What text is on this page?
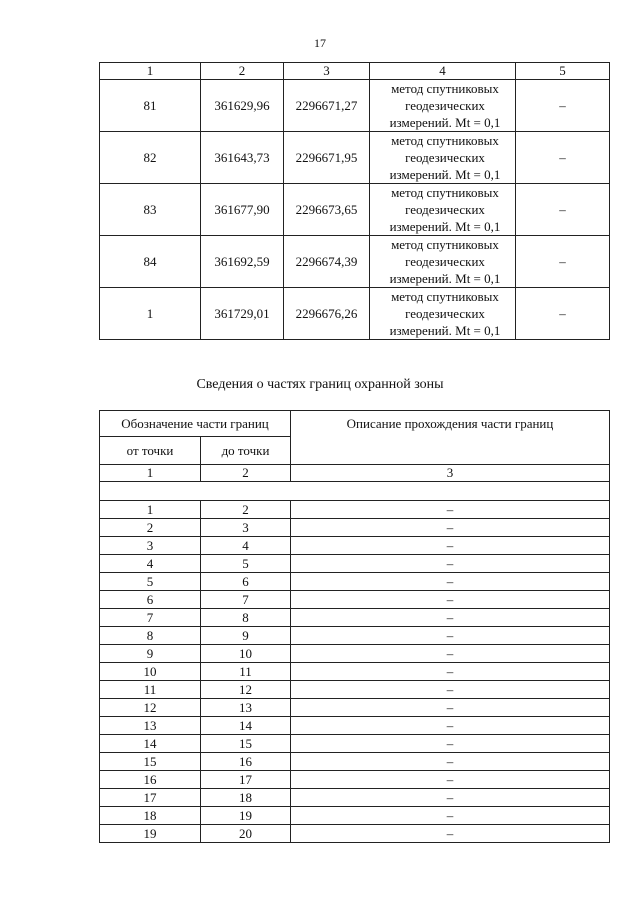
17
1	2	3	4	5
81	361629,96	2296671,27	метод спутниковых
геодезических
измерений. Mt = 0,1	–
82	361643,73	2296671,95	метод спутниковых
геодезических
измерений. Mt = 0,1	–
83	361677,90	2296673,65	метод спутниковых
геодезических
измерений. Mt = 0,1	–
84	361692,59	2296674,39	метод спутниковых
геодезических
измерений. Mt = 0,1	–
1	361729,01	2296676,26	метод спутниковых
геодезических
измерений. Mt = 0,1	–
Сведения о частях границ охранной зоны
Обозначение части границ		Описание прохождения части границ
от точки	до точки	
1	2	3

1	2	–
2	3	–
3	4	–
4	5	–
5	6	–
6	7	–
7	8	–
8	9	–
9	10	–
10	11	–
11	12	–
12	13	–
13	14	–
14	15	–
15	16	–
16	17	–
17	18	–
18	19	–
19	20	–
